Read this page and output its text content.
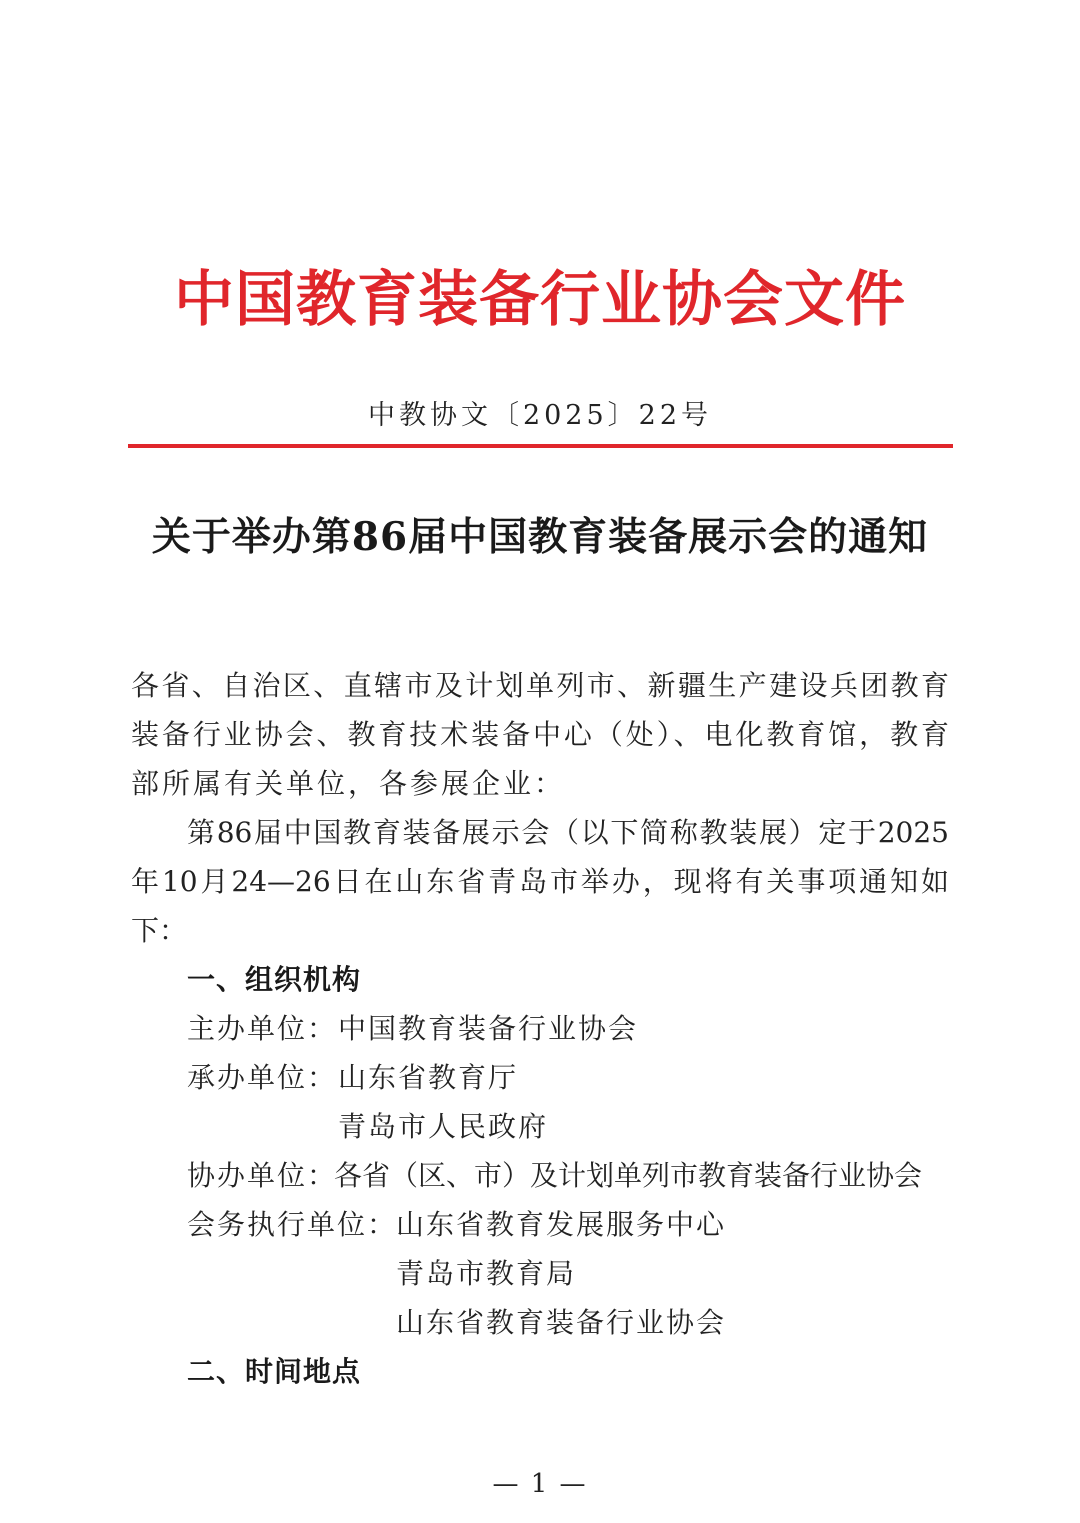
中国教育装备行业协会文件
中教协文〔2025〕22号
关于举办第86届中国教育装备展示会的通知
各省、自治区、直辖市及计划单列市、新疆生产建设兵团教育
装备行业协会、教育技术装备中心（处）、电化教育馆，教育
部所属有关单位，各参展企业：
第86届中国教育装备展示会（以下简称教装展）定于2025
年10月24—26日在山东省青岛市举办，现将有关事项通知如
下：
一、组织机构
主办单位： 中国教育装备行业协会
承办单位： 山东省教育厅
青岛市人民政府
协办单位：
各省（区、市）及计划单列市教育装备行业协会
会务执行单位：
山东省教育发展服务中心
青岛市教育局
山东省教育装备行业协会
二、时间地点
— 1 —
